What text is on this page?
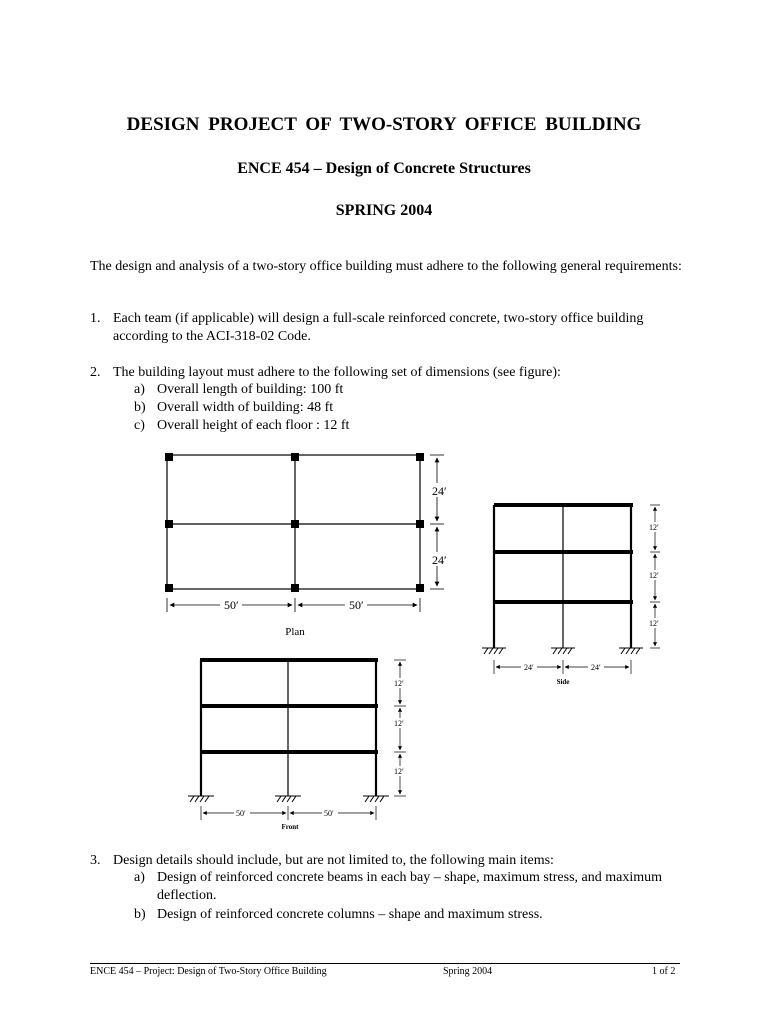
DESIGN PROJECT OF TWO-STORY OFFICE BUILDING
ENCE 454 – Design of Concrete Structures
SPRING 2004
The design and analysis of a two-story office building must adhere to the following general requirements:
1. Each team (if applicable) will design a full-scale reinforced concrete, two-story office building according to the ACI-318-02 Code.
2. The building layout must adhere to the following set of dimensions (see figure):
a) Overall length of building: 100 ft
b) Overall width of building: 48 ft
c) Overall height of each floor : 12 ft
24′
24′
50′	50′
Plan
12′
12′
12′
24′	24′
Side
12′
12′
12′
50′	50′
Front
3. Design details should include, but are not limited to, the following main items:
a) Design of reinforced concrete beams in each bay – shape, maximum stress, and maximum deflection.
b) Design of reinforced concrete columns – shape and maximum stress.
ENCE 454 – Project: Design of Two-Story Office Building	Spring 2004	1 of 2
